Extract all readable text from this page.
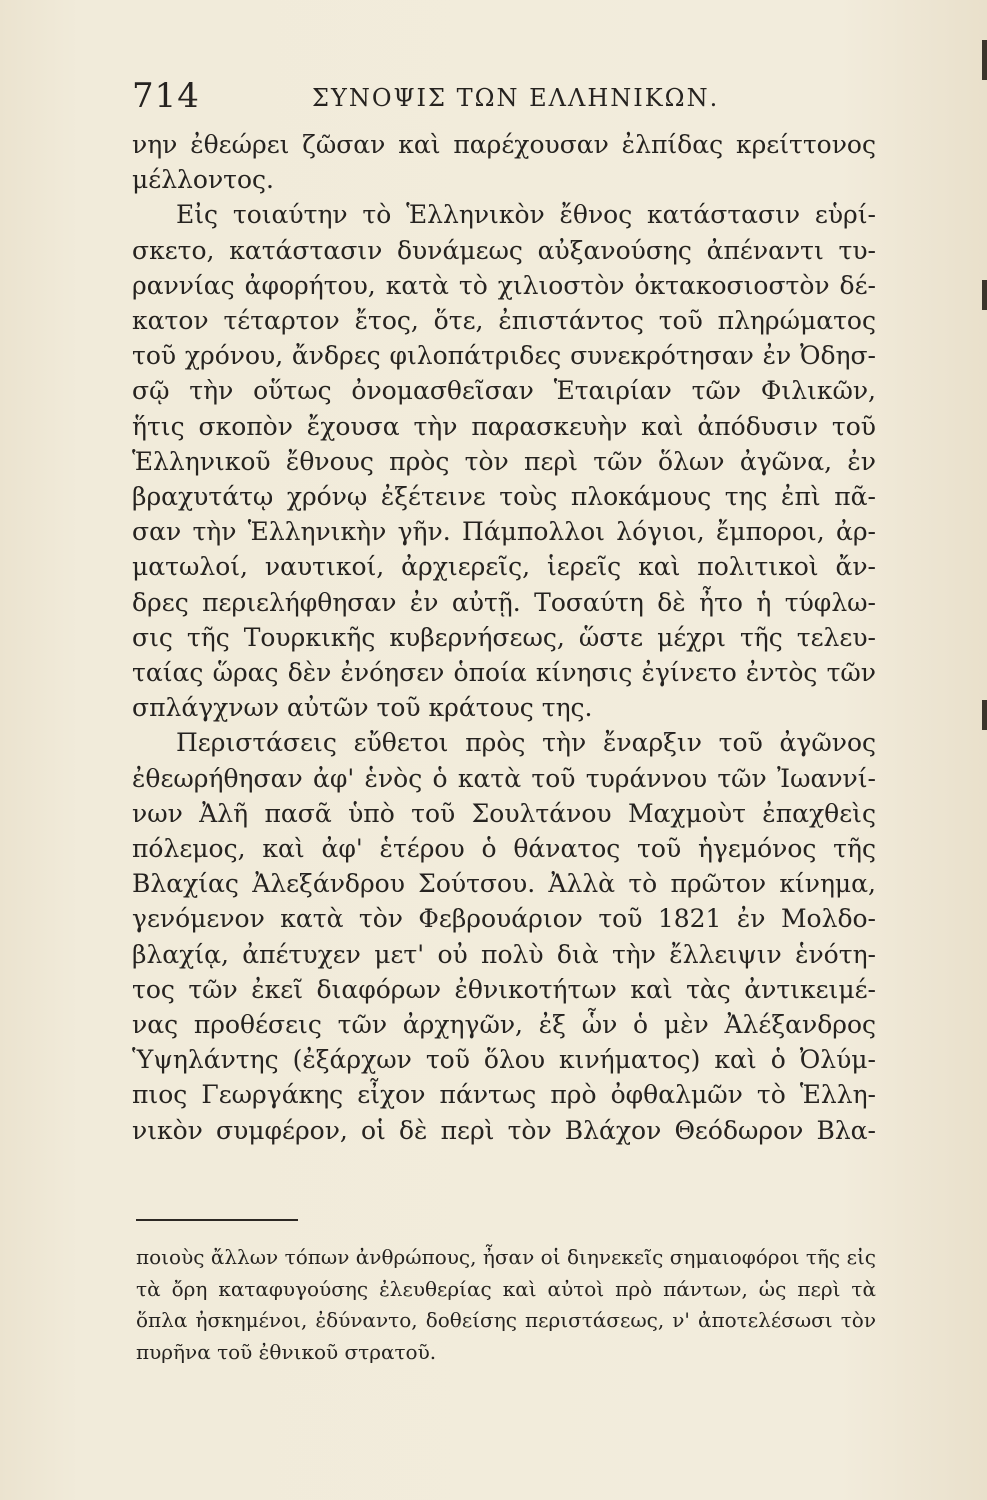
714	ΣΥΝΟΨΙΣ ΤΩΝ ΕΛΛΗΝΙΚΩΝ.
νην ἐθεώρει ζῶσαν καὶ παρέχουσαν ἐλπίδας κρείττονος
μέλλοντος.
Εἰς τοιαύτην τὸ Ἑλληνικὸν ἔθνος κατάστασιν εὑρί-
σκετο, κατάστασιν δυνάμεως αὐξανούσης ἀπέναντι τυ-
ραννίας ἀφορήτου, κατὰ τὸ χιλιοστὸν ὀκτακοσιοστὸν δέ-
κατον τέταρτον ἔτος, ὅτε, ἐπιστάντος τοῦ πληρώματος
τοῦ χρόνου, ἄνδρες φιλοπάτριδες συνεκρότησαν ἐν Ὀδησ-
σῷ τὴν οὕτως ὀνομασθεῖσαν Ἑταιρίαν τῶν Φιλικῶν,
ἥτις σκοπὸν ἔχουσα τὴν παρασκευὴν καὶ ἀπόδυσιν τοῦ
Ἑλληνικοῦ ἔθνους πρὸς τὸν περὶ τῶν ὅλων ἀγῶνα, ἐν
βραχυτάτῳ χρόνῳ ἐξέτεινε τοὺς πλοκάμους της ἐπὶ πᾶ-
σαν τὴν Ἑλληνικὴν γῆν. Πάμπολλοι λόγιοι, ἔμποροι, ἀρ-
ματωλοί, ναυτικοί, ἀρχιερεῖς, ἱερεῖς καὶ πολιτικοὶ ἄν-
δρες περιελήφθησαν ἐν αὐτῇ. Τοσαύτη δὲ ἦτο ἡ τύφλω-
σις τῆς Τουρκικῆς κυβερνήσεως, ὥστε μέχρι τῆς τελευ-
ταίας ὥρας δὲν ἐνόησεν ὁποία κίνησις ἐγίνετο ἐντὸς τῶν
σπλάγχνων αὐτῶν τοῦ κράτους της.
Περιστάσεις εὔθετοι πρὸς τὴν ἔναρξιν τοῦ ἀγῶνος
ἐθεωρήθησαν ἀφ' ἑνὸς ὁ κατὰ τοῦ τυράννου τῶν Ἰωαννί-
νων Ἀλῆ πασᾶ ὑπὸ τοῦ Σουλτάνου Μαχμοὺτ ἐπαχθεὶς
πόλεμος, καὶ ἀφ' ἑτέρου ὁ θάνατος τοῦ ἡγεμόνος τῆς
Βλαχίας Ἀλεξάνδρου Σούτσου. Ἀλλὰ τὸ πρῶτον κίνημα,
γενόμενον κατὰ τὸν Φεβρουάριον τοῦ 1821 ἐν Μολδο-
βλαχίᾳ, ἀπέτυχεν μετ' οὐ πολὺ διὰ τὴν ἔλλειψιν ἑνότη-
τος τῶν ἐκεῖ διαφόρων ἐθνικοτήτων καὶ τὰς ἀντικειμέ-
νας προθέσεις τῶν ἀρχηγῶν, ἐξ ὧν ὁ μὲν Ἀλέξανδρος
Ὑψηλάντης (ἐξάρχων τοῦ ὅλου κινήματος) καὶ ὁ Ὀλύμ-
πιος Γεωργάκης εἶχον πάντως πρὸ ὀφθαλμῶν τὸ Ἑλλη-
νικὸν συμφέρον, οἱ δὲ περὶ τὸν Βλάχον Θεόδωρον Βλα-
ποιοὺς ἄλλων τόπων ἀνθρώπους, ἦσαν οἱ διηνεκεῖς σημαιοφόροι τῆς εἰς
τὰ ὄρη καταφυγούσης ἐλευθερίας καὶ αὐτοὶ πρὸ πάντων, ὡς περὶ τὰ
ὅπλα ἠσκημένοι, ἐδύναντο, δοθείσης περιστάσεως, ν' ἀποτελέσωσι τὸν
πυρῆνα τοῦ ἐθνικοῦ στρατοῦ.
